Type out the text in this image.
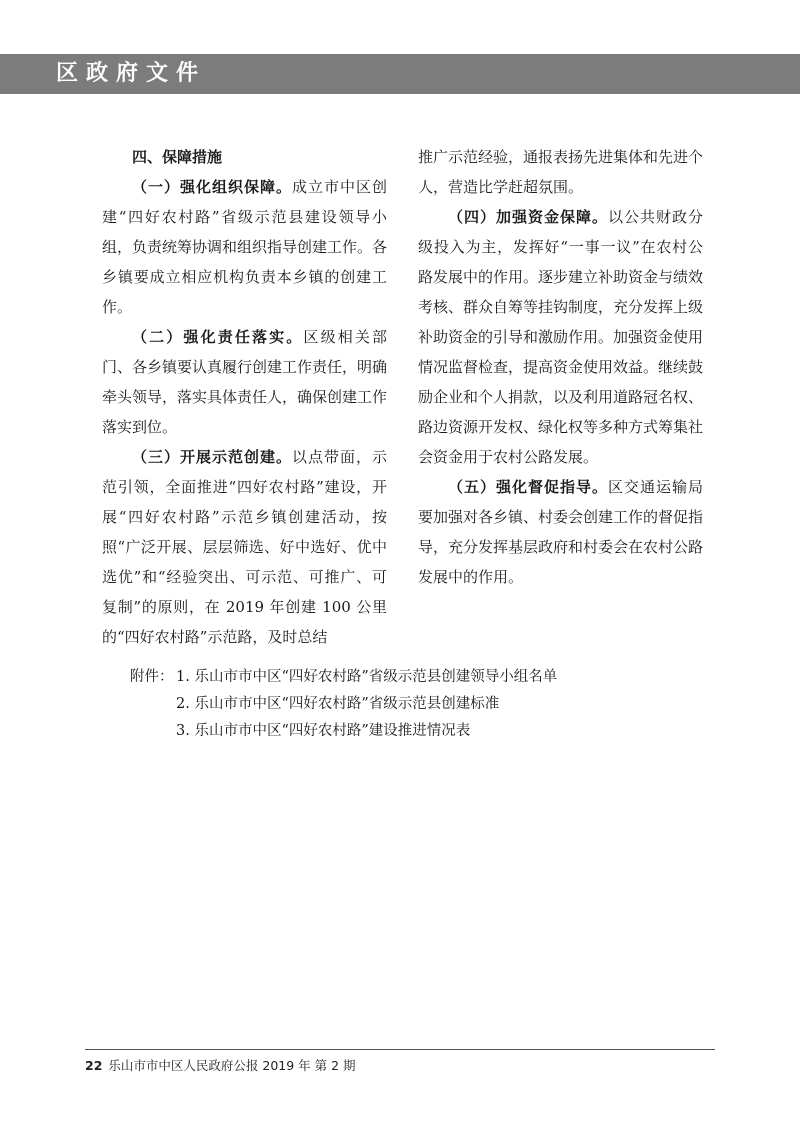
区政府文件

四、保障措施

（一）强化组织保障。成立市中区创建“四好农村路”省级示范县建设领导小组，负责统筹协调和组织指导创建工作。各乡镇要成立相应机构负责本乡镇的创建工作。

（二）强化责任落实。区级相关部门、各乡镇要认真履行创建工作责任，明确牵头领导，落实具体责任人，确保创建工作落实到位。

（三）开展示范创建。以点带面，示范引领，全面推进“四好农村路”建设，开展“四好农村路”示范乡镇创建活动，按照“广泛开展、层层筛选、好中选好、优中选优”和“经验突出、可示范、可推广、可复制”的原则，在 2019 年创建 100 公里的“四好农村路”示范路，及时总结

推广示范经验，通报表扬先进集体和先进个人，营造比学赶超氛围。

（四）加强资金保障。以公共财政分级投入为主，发挥好“一事一议”在农村公路发展中的作用。逐步建立补助资金与绩效考核、群众自筹等挂钩制度，充分发挥上级补助资金的引导和激励作用。加强资金使用情况监督检查，提高资金使用效益。继续鼓励企业和个人捐款，以及利用道路冠名权、路边资源开发权、绿化权等多种方式筹集社会资金用于农村公路发展。

（五）强化督促指导。区交通运输局要加强对各乡镇、村委会创建工作的督促指导，充分发挥基层政府和村委会在农村公路发展中的作用。

附件： 1. 乐山市市中区“四好农村路”省级示范县创建领导小组名单
2. 乐山市市中区“四好农村路”省级示范县创建标准
3. 乐山市市中区“四好农村路”建设推进情况表
22 乐山市市中区人民政府公报 2019 年 第 2 期
